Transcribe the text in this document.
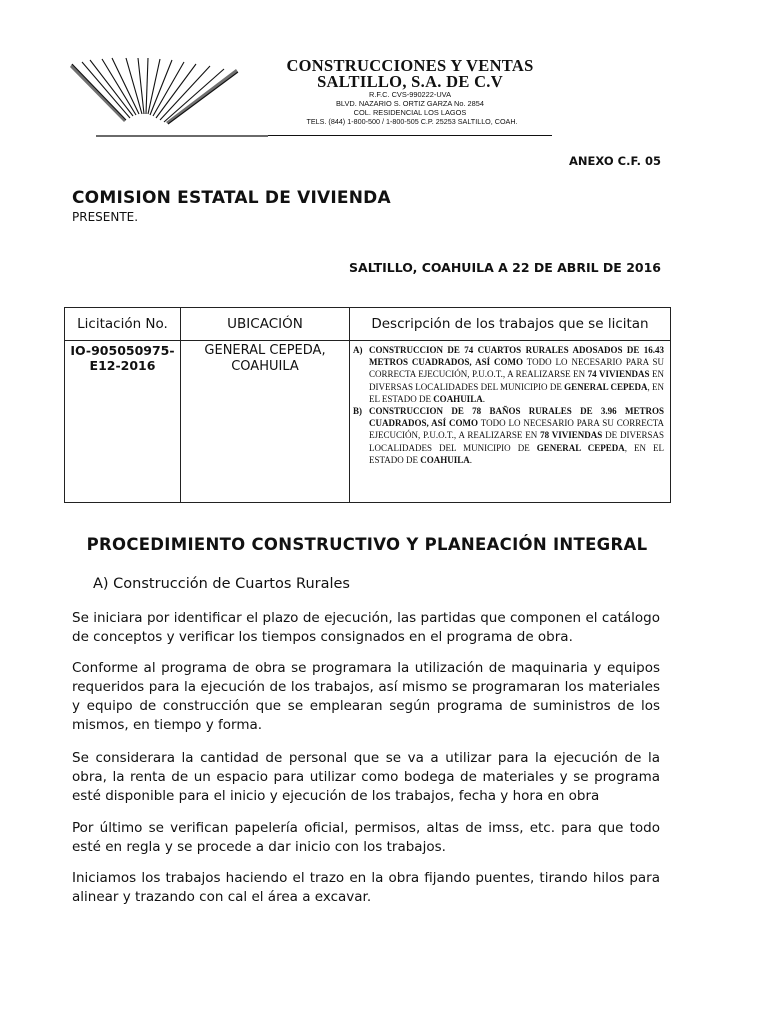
CONSTRUCCIONES Y VENTAS
SALTILLO, S.A. DE C.V
R.F.C. CVS-990222-UVA
BLVD. NAZARIO S. ORTIZ GARZA No. 2854
COL. RESIDENCIAL LOS LAGOS
TELS. (844) 1-800-500 / 1-800-505 C.P. 25253 SALTILLO, COAH.
ANEXO C.F. 05
COMISION ESTATAL DE VIVIENDA
PRESENTE.
SALTILLO, COAHUILA A 22 DE ABRIL DE 2016
Licitación No.	UBICACIÓN	Descripción de los trabajos que se licitan
IO-905050975-E12-2016	GENERAL CEPEDA, COAHUILA	A) CONSTRUCCION DE 74 CUARTOS RURALES ADOSADOS DE 16.43 METROS CUADRADOS, ASÍ COMO TODO LO NECESARIO PARA SU CORRECTA EJECUCIÓN, P.U.O.T., A REALIZARSE EN 74 VIVIENDAS EN DIVERSAS LOCALIDADES DEL MUNICIPIO DE GENERAL CEPEDA, EN EL ESTADO DE COAHUILA.
B) CONSTRUCCION DE 78 BAÑOS RURALES DE 3.96 METROS CUADRADOS, ASÍ COMO TODO LO NECESARIO PARA SU CORRECTA EJECUCIÓN, P.U.O.T., A REALIZARSE EN 78 VIVIENDAS DE DIVERSAS LOCALIDADES DEL MUNICIPIO DE GENERAL CEPEDA, EN EL ESTADO DE COAHUILA.
PROCEDIMIENTO CONSTRUCTIVO Y PLANEACIÓN INTEGRAL
A) Construcción de Cuartos Rurales

Se iniciara por identificar el plazo de ejecución, las partidas que componen el catálogo de conceptos y verificar los tiempos consignados en el programa de obra.

Conforme al programa de obra se programara la utilización de maquinaria y equipos requeridos para la ejecución de los trabajos, así mismo se programaran los materiales y equipo de construcción que se emplearan según programa de suministros de los mismos, en tiempo y forma.

Se considerara la cantidad de personal que se va a utilizar para la ejecución de la obra, la renta de un espacio para utilizar como bodega de materiales y se programa esté disponible para el inicio y ejecución de los trabajos, fecha y hora en obra

Por último se verifican papelería oficial, permisos, altas de imss, etc. para que todo esté en regla y se procede a dar inicio con los trabajos.

Iniciamos los trabajos haciendo el trazo en la obra fijando puentes, tirando hilos para alinear y trazando con cal el área a excavar.
